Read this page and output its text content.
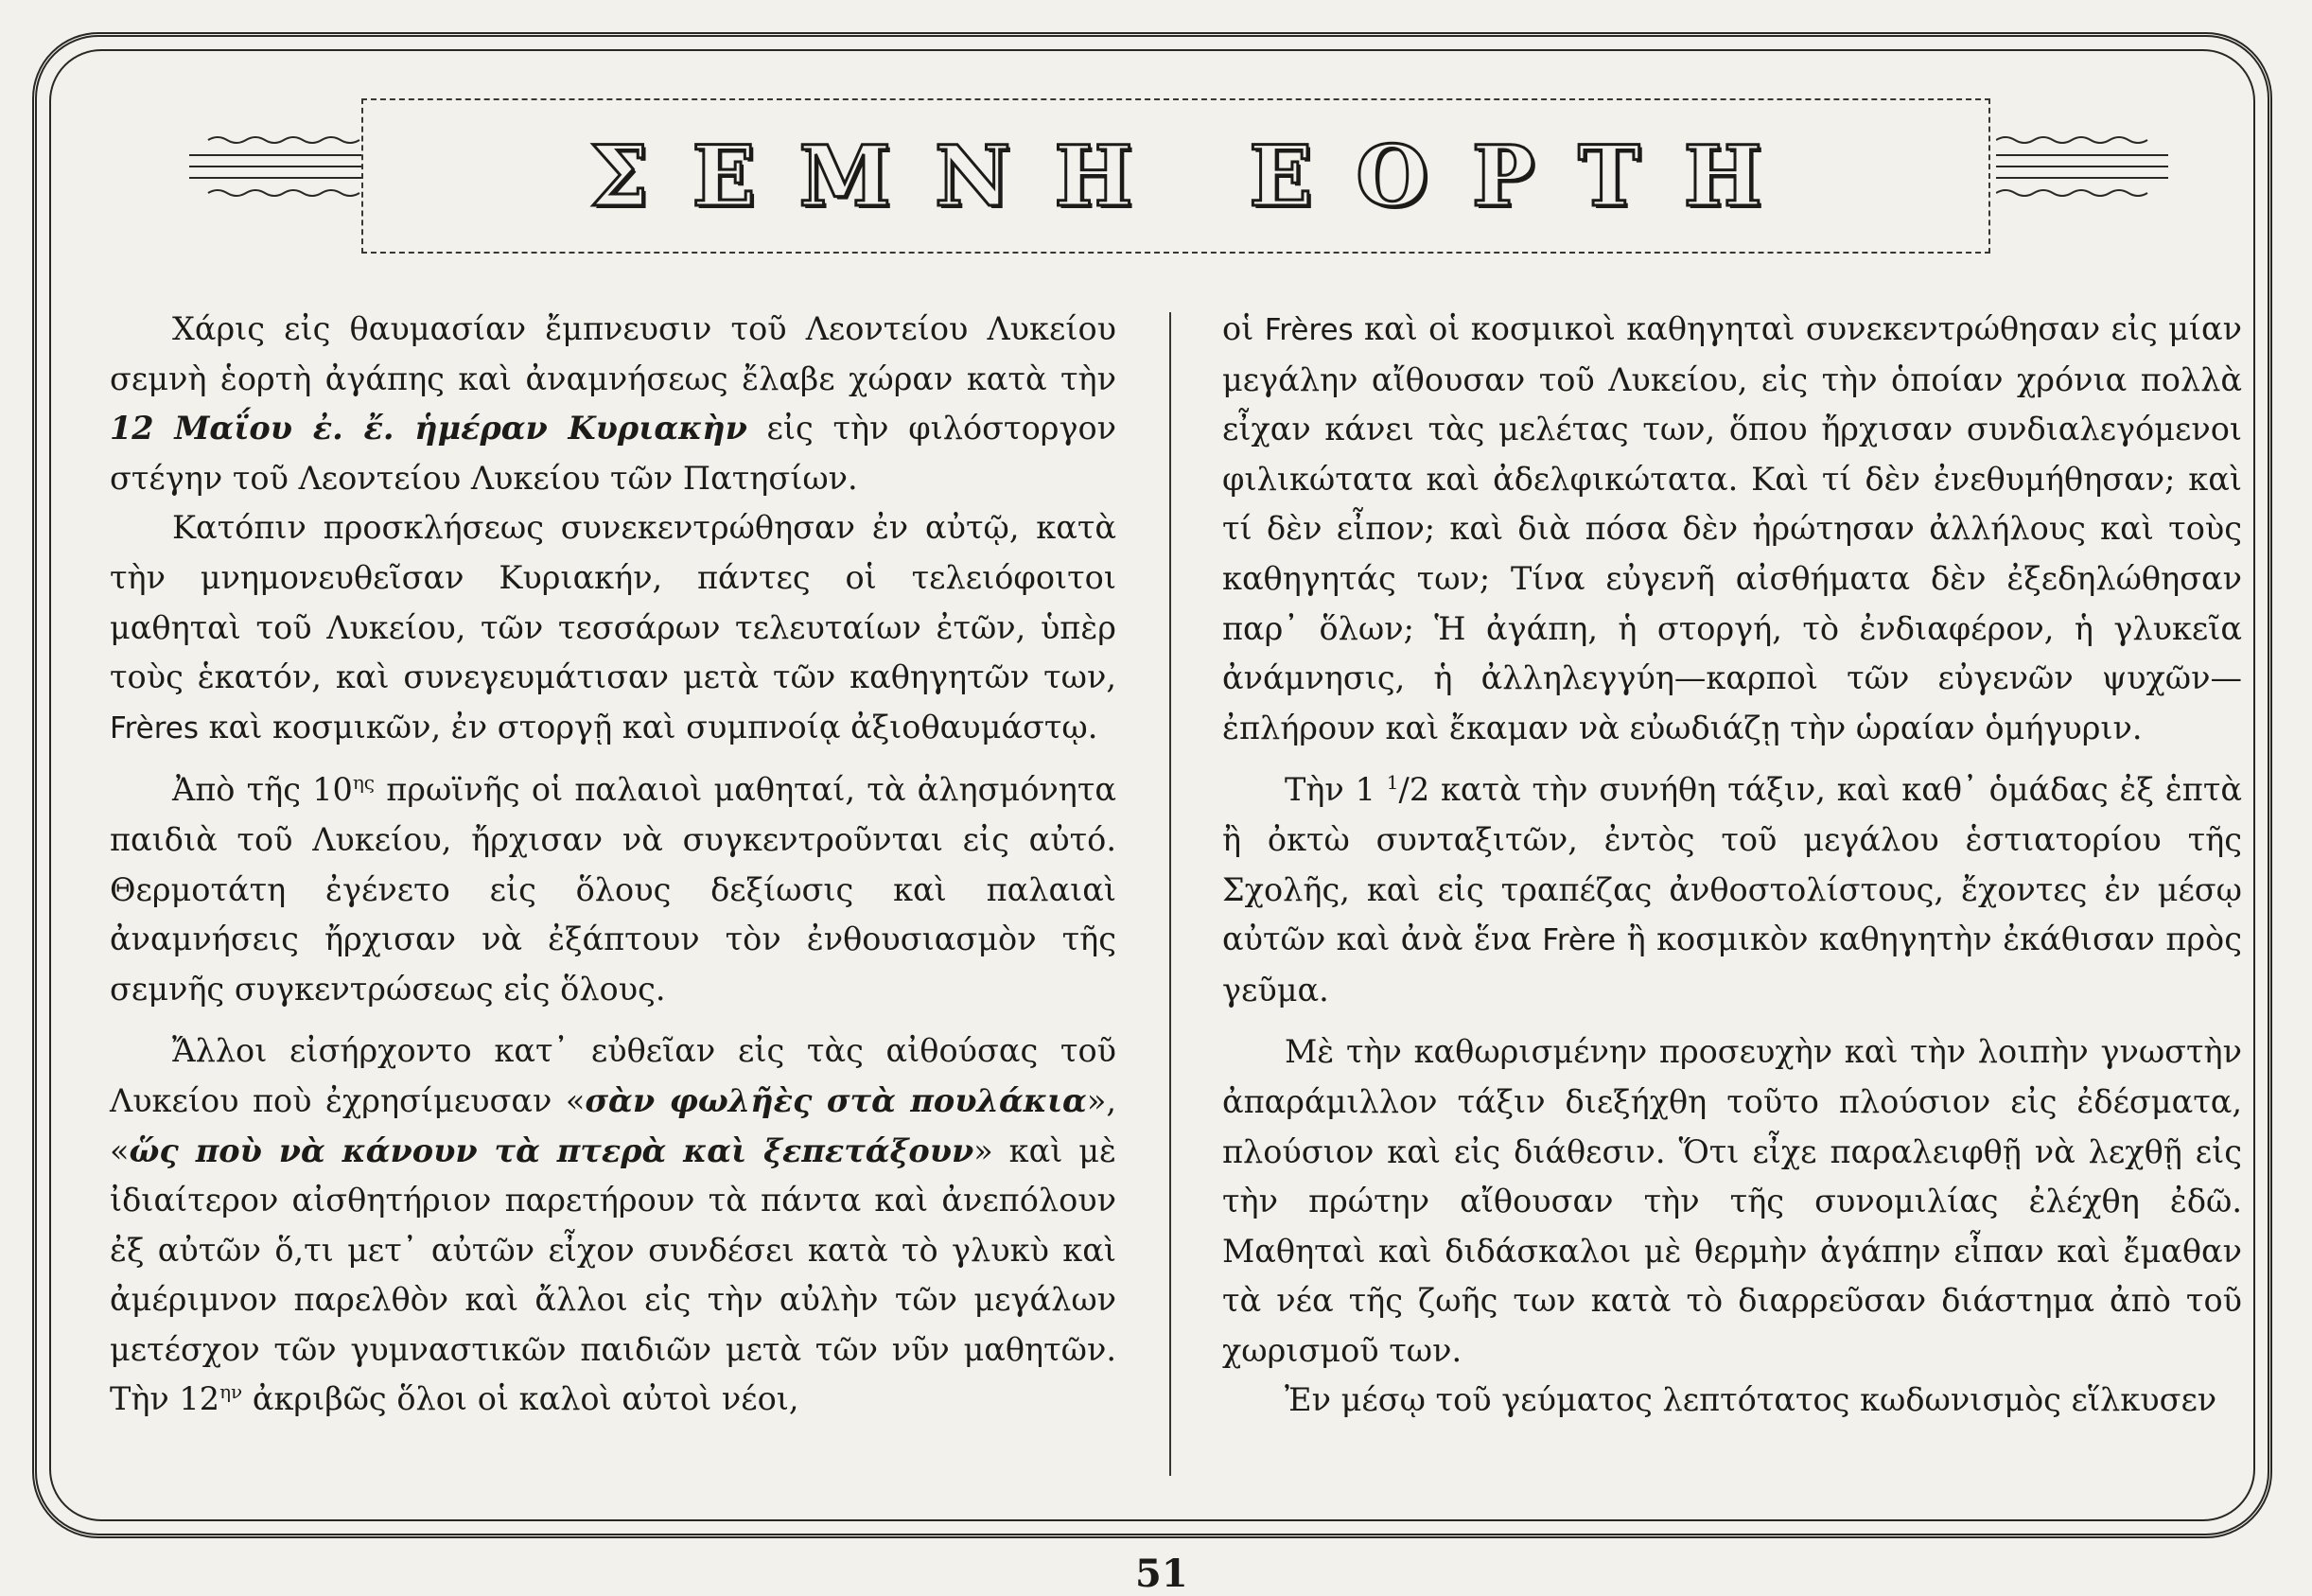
ΣΕΜΝΗ ΕΟΡΤΗ

Χάρις εἰς θαυμασίαν ἔμπνευσιν τοῦ Λεοντείου Λυκείου σεμνὴ ἑορτὴ ἀγάπης καὶ ἀναμνήσεως ἔλαβε χώραν κατὰ τὴν 12 Μαΐου ἐ. ἔ. ἡμέραν Κυριακὴν εἰς τὴν φιλόστοργον στέγην τοῦ Λεοντείου Λυκείου τῶν Πατησίων.

Κατόπιν προσκλήσεως συνεκεντρώθησαν ἐν αὐτῷ, κατὰ τὴν μνημονευθεῖσαν Κυριακήν, πάντες οἱ τελειόφοιτοι μαθηταὶ τοῦ Λυκείου, τῶν τεσσάρων τελευταίων ἐτῶν, ὑπὲρ τοὺς ἑκατόν, καὶ συνεγευμάτισαν μετὰ τῶν καθηγητῶν των, Frères καὶ κοσμικῶν, ἐν στοργῇ καὶ συμπνοίᾳ ἀξιοθαυμάστῳ.

Ἀπὸ τῆς $10^{\eta\varsigma}$ πρωϊνῆς οἱ παλαιοὶ μαθηταί, τὰ ἀλησμόνητα παιδιὰ τοῦ Λυκείου, ἤρχισαν νὰ συγκεντροῦνται εἰς αὐτό. Θερμοτάτη ἐγένετο εἰς ὅλους δεξίωσις καὶ παλαιαὶ ἀναμνήσεις ἤρχισαν νὰ ἐξάπτουν τὸν ἐνθουσιασμὸν τῆς σεμνῆς συγκεντρώσεως εἰς ὅλους.

Ἄλλοι εἰσήρχοντο κατ᾽ εὐθεῖαν εἰς τὰς αἰθούσας τοῦ Λυκείου ποὺ ἐχρησίμευσαν «σὰν φωλῆὲς στὰ πουλάκια», «ὥς ποὺ νὰ κάνουν τὰ πτερὰ καὶ ξεπετάξουν» καὶ μὲ ἰδιαίτερον αἰσθητήριον παρετήρουν τὰ πάντα καὶ ἀνεπόλουν ἐξ αὐτῶν ὅ,τι μετ᾽ αὐτῶν εἶχον συνδέσει κατὰ τὸ γλυκὺ καὶ ἀμέριμνον παρελθὸν καὶ ἄλλοι εἰς τὴν αὐλὴν τῶν μεγάλων μετέσχον τῶν γυμναστικῶν παιδιῶν μετὰ τῶν νῦν μαθητῶν. Τὴν $12^{\eta\nu}$ ἀκριβῶς ὅλοι οἱ καλοὶ αὐτοὶ νέοι,

οἱ Frères καὶ οἱ κοσμικοὶ καθηγηταὶ συνεκεντρώθησαν εἰς μίαν μεγάλην αἴθουσαν τοῦ Λυκείου, εἰς τὴν ὁποίαν χρόνια πολλὰ εἶχαν κάνει τὰς μελέτας των, ὅπου ἤρχισαν συνδιαλεγόμενοι φιλικώτατα καὶ ἀδελφικώτατα. Καὶ τί δὲν ἐνεθυμήθησαν; καὶ τί δὲν εἶπον; καὶ διὰ πόσα δὲν ἠρώτησαν ἀλλήλους καὶ τοὺς καθηγητάς των; Τίνα εὐγενῆ αἰσθήματα δὲν ἐξεδηλώθησαν παρ᾽ ὅλων; Ἡ ἀγάπη, ἡ στοργή, τὸ ἐνδιαφέρον, ἡ γλυκεῖα ἀνάμνησις, ἡ ἀλληλεγγύη—καρποὶ τῶν εὐγενῶν ψυχῶν—ἐπλήρουν καὶ ἔκαμαν νὰ εὐωδιάζῃ τὴν ὡραίαν ὁμήγυριν.

Τὴν 1 $^1$/2 κατὰ τὴν συνήθη τάξιν, καὶ καθ᾽ ὁμάδας ἐξ ἑπτὰ ἢ ὀκτὼ συνταξιτῶν, ἐντὸς τοῦ μεγάλου ἑστιατορίου τῆς Σχολῆς, καὶ εἰς τραπέζας ἀνθοστολίστους, ἔχοντες ἐν μέσῳ αὐτῶν καὶ ἀνὰ ἕνα Frère ἢ κοσμικὸν καθηγητὴν ἐκάθισαν πρὸς γεῦμα.

Μὲ τὴν καθωρισμένην προσευχὴν καὶ τὴν λοιπὴν γνωστὴν ἀπαράμιλλον τάξιν διεξήχθη τοῦτο πλούσιον εἰς ἐδέσματα, πλούσιον καὶ εἰς διάθεσιν. Ὅτι εἶχε παραλειφθῇ νὰ λεχθῇ εἰς τὴν πρώτην αἴθουσαν τὴν τῆς συνομιλίας ἐλέχθη ἐδῶ. Μαθηταὶ καὶ διδάσκαλοι μὲ θερμὴν ἀγάπην εἶπαν καὶ ἔμαθαν τὰ νέα τῆς ζωῆς των κατὰ τὸ διαρρεῦσαν διάστημα ἀπὸ τοῦ χωρισμοῦ των.

Ἐν μέσῳ τοῦ γεύματος λεπτότατος κωδωνισμὸς εἵλκυσεν

51
